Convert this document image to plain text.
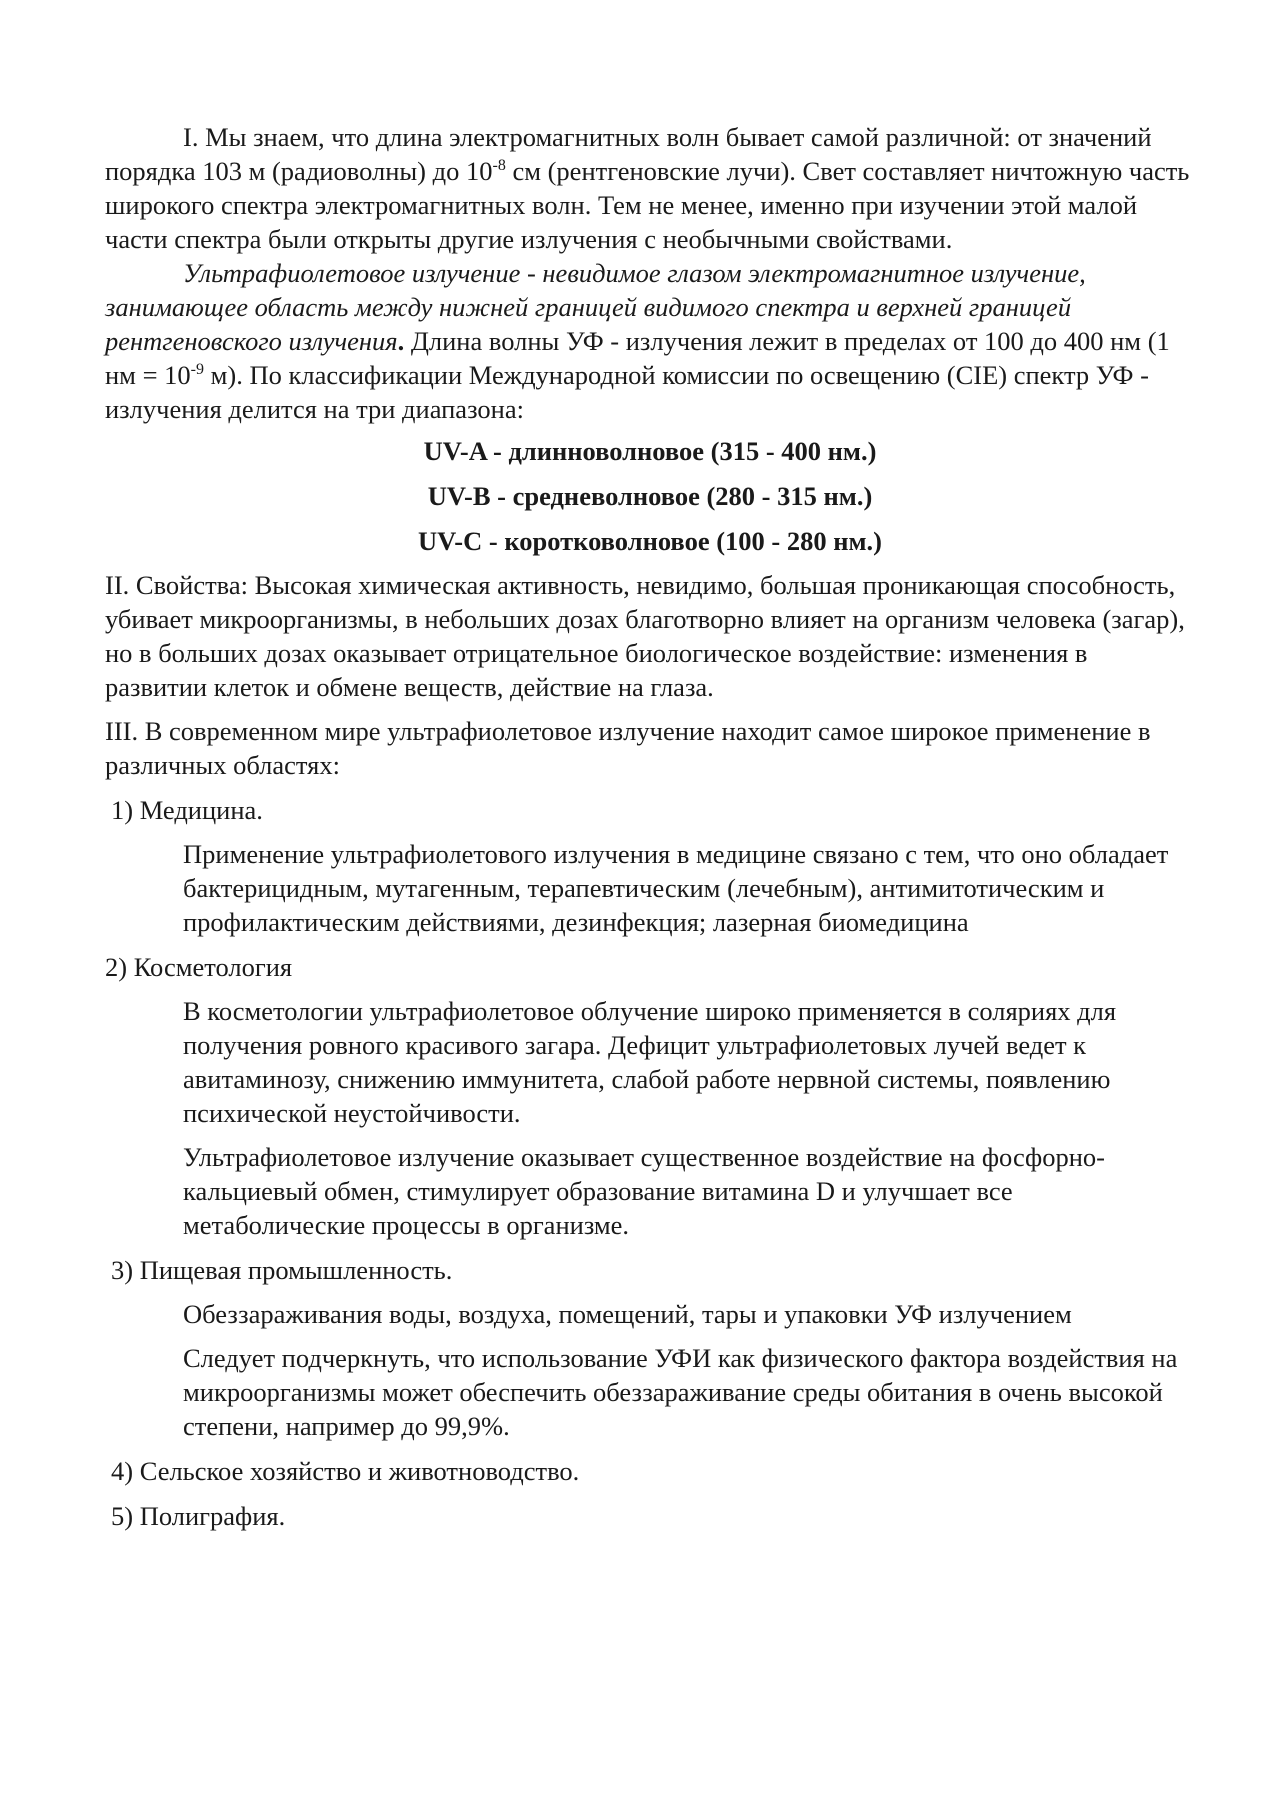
I. Мы знаем, что длина электромагнитных волн бывает самой различной: от значений порядка 103 м (радиоволны) до $10^{-8}$ см (рентгеновские лучи). Свет составляет ничтожную часть широкого спектра электромагнитных волн. Тем не менее, именно при изучении этой малой части спектра были открыты другие излучения с необычными свойствами.

Ультрафиолетовое излучение - невидимое глазом электромагнитное излучение, занимающее область между нижней границей видимого спектра и верхней границей рентгеновского излучения. Длина волны УФ - излучения лежит в пределах от 100 до 400 нм (1 нм = $10^{-9}$ м). По классификации Международной комиссии по освещению (CIE) спектр УФ - излучения делится на три диапазона:

UV-A - длинноволновое (315 - 400 нм.)

UV-B - средневолновое (280 - 315 нм.)

UV-C - коротковолновое (100 - 280 нм.)

II. Свойства: Высокая химическая активность, невидимо, большая проникающая способность, убивает микроорганизмы, в небольших дозах благотворно влияет на организм человека (загар), но в больших дозах оказывает отрицательное биологическое воздействие: изменения в развитии клеток и обмене веществ, действие на глаза.

III. В современном мире ультрафиолетовое излучение находит самое широкое применение в различных областях:

1) Медицина.

Применение ультрафиолетового излучения в медицине связано с тем, что оно обладает бактерицидным, мутагенным, терапевтическим (лечебным), антимитотическим и профилактическим действиями, дезинфекция; лазерная биомедицина

2) Косметология

В косметологии ультрафиолетовое облучение широко применяется в соляриях для получения ровного красивого загара. Дефицит ультрафиолетовых лучей ведет к авитаминозу, снижению иммунитета, слабой работе нервной системы, появлению психической неустойчивости.

Ультрафиолетовое излучение оказывает существенное воздействие на фосфорно-кальциевый обмен, стимулирует образование витамина D и улучшает все метаболические процессы в организме.

3) Пищевая промышленность.

Обеззараживания воды, воздуха, помещений, тары и упаковки УФ излучением

Следует подчеркнуть, что использование УФИ как физического фактора воздействия на микроорганизмы может обеспечить обеззараживание среды обитания в очень высокой степени, например до 99,9%.

4) Сельское хозяйство и животноводство.

5) Полиграфия.
